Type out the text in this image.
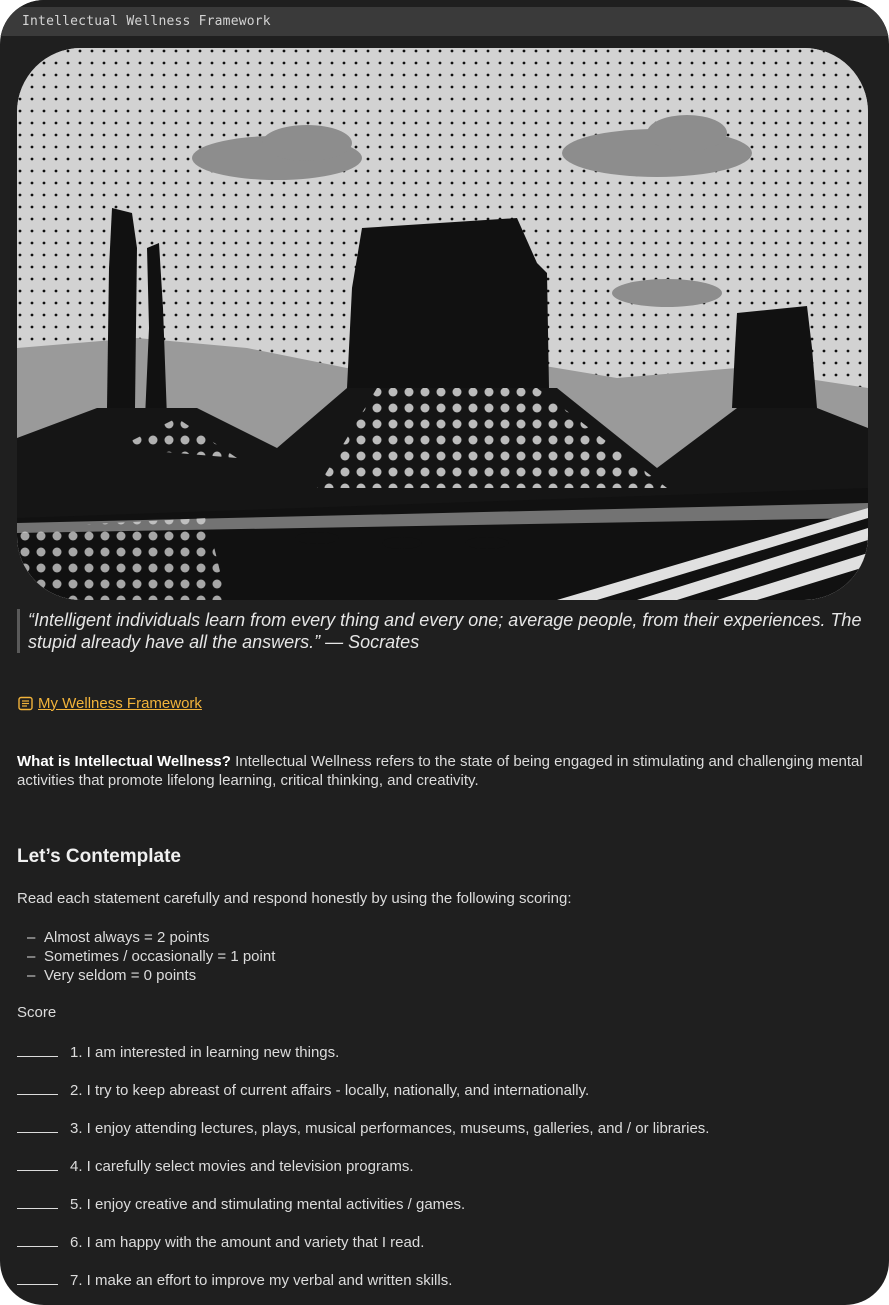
Intellectual Wellness Framework
“Intelligent individuals learn from every thing and every one; average people, from their experiences. The stupid already have all the answers.” — Socrates
My Wellness Framework
What is Intellectual Wellness? Intellectual Wellness refers to the state of being engaged in stimulating and challenging mental activities that promote lifelong learning, critical thinking, and creativity.
Let’s Contemplate
Read each statement carefully and respond honestly by using the following scoring:
– Almost always = 2 points
– Sometimes / occasionally = 1 point
– Very seldom = 0 points
Score
1. I am interested in learning new things.
2. I try to keep abreast of current affairs - locally, nationally, and internationally.
3. I enjoy attending lectures, plays, musical performances, museums, galleries, and / or libraries.
4. I carefully select movies and television programs.
5. I enjoy creative and stimulating mental activities / games.
6. I am happy with the amount and variety that I read.
7. I make an effort to improve my verbal and written skills.
